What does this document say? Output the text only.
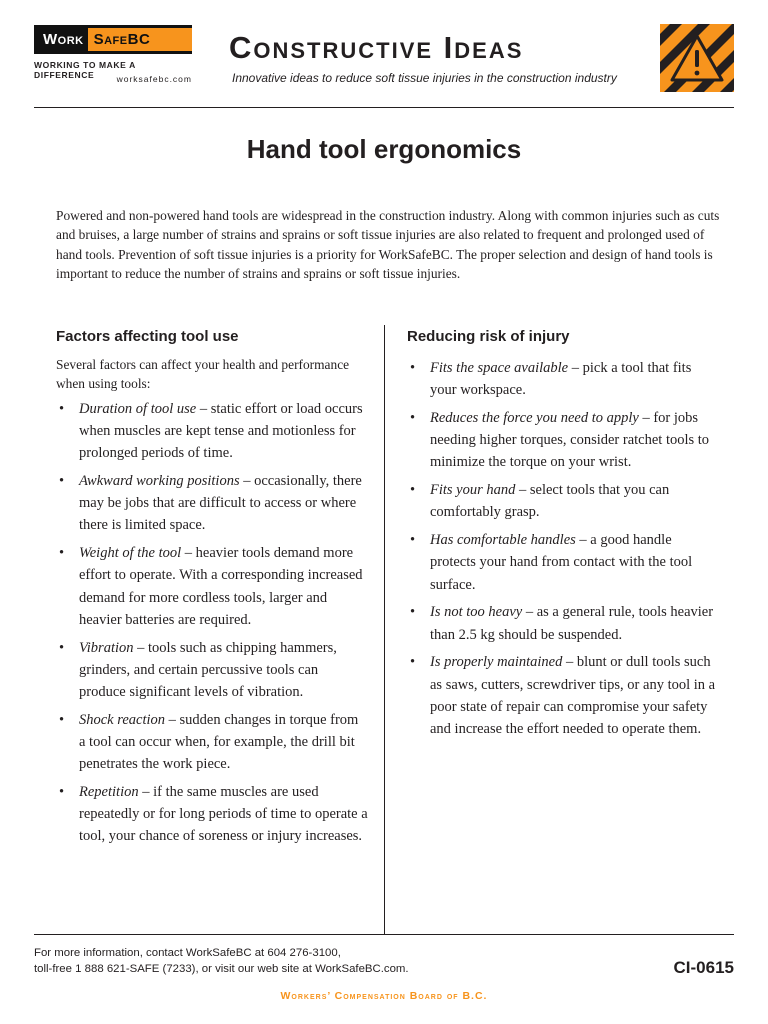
Work SafeBC
WORKING TO MAKE A DIFFERENCE	worksafebc.com
Constructive Ideas
Innovative ideas to reduce soft tissue injuries in the construction industry
Hand tool ergonomics

Powered and non-powered hand tools are widespread in the construction industry. Along with common injuries such as cuts and bruises, a large number of strains and sprains or soft tissue injuries are also related to frequent and prolonged used of hand tools. Prevention of soft tissue injuries is a priority for WorkSafeBC. The proper selection and design of hand tools is important to reduce the number of strains and sprains or soft tissue injuries.

Factors affecting tool use

Several factors can affect your health and performance when using tools:

• Duration of tool use – static effort or load occurs when muscles are kept tense and motionless for prolonged periods of time.
• Awkward working positions – occasionally, there may be jobs that are difficult to access or where there is limited space.
• Weight of the tool – heavier tools demand more effort to operate. With a corresponding increased demand for more cordless tools, larger and heavier batteries are required.
• Vibration – tools such as chipping hammers, grinders, and certain percussive tools can produce significant levels of vibration.
• Shock reaction – sudden changes in torque from a tool can occur when, for example, the drill bit penetrates the work piece.
• Repetition – if the same muscles are used repeatedly or for long periods of time to operate a tool, your chance of soreness or injury increases.
Reducing risk of injury
• Fits the space available – pick a tool that fits your workspace.
• Reduces the force you need to apply – for jobs needing higher torques, consider ratchet tools to minimize the torque on your wrist.
• Fits your hand – select tools that you can comfortably grasp.
• Has comfortable handles – a good handle protects your hand from contact with the tool surface.
• Is not too heavy – as a general rule, tools heavier than 2.5 kg should be suspended.
• Is properly maintained – blunt or dull tools such as saws, cutters, screwdriver tips, or any tool in a poor state of repair can compromise your safety and increase the effort needed to operate them.
For more information, contact WorkSafeBC at 604 276-3100,
toll-free 1 888 621-SAFE (7233), or visit our web site at WorkSafeBC.com.	CI-0615
Workers’ Compensation Board of B.C.
